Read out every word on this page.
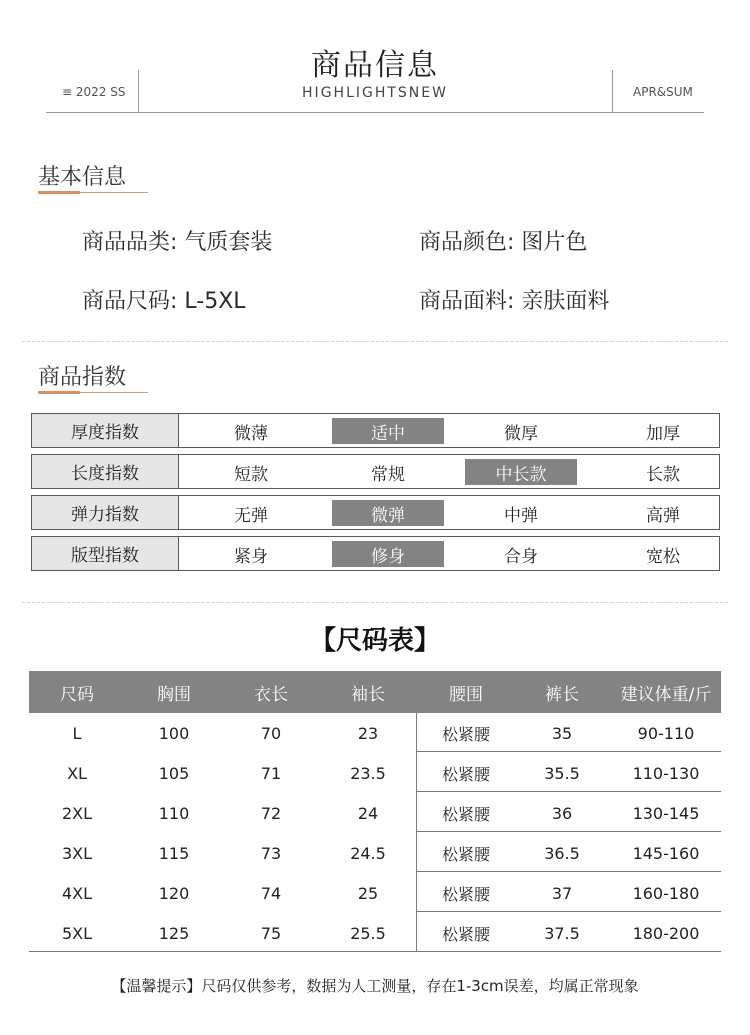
商品信息
HIGHLIGHTSNEW
≡ 2022 SS	APR&SUM
基本信息
商品品类: 气质套装	商品颜色: 图片色
商品尺码: L-5XL	商品面料: 亲肤面料
商品指数
厚度指数	微薄	适中	微厚	加厚
长度指数	短款	常规	中长款	长款
弹力指数	无弹	微弹	中弹	高弹
版型指数	紧身	修身	合身	宽松
【尺码表】
尺码	胸围	衣长	袖长	腰围	裤长	建议体重/斤
L	100	70	23	松紧腰	35	90-110
XL	105	71	23.5	松紧腰	35.5	110-130
2XL	110	72	24	松紧腰	36	130-145
3XL	115	73	24.5	松紧腰	36.5	145-160
4XL	120	74	25	松紧腰	37	160-180
5XL	125	75	25.5	松紧腰	37.5	180-200
【温馨提示】尺码仅供参考，数据为人工测量，存在1-3cm误差，均属正常现象
